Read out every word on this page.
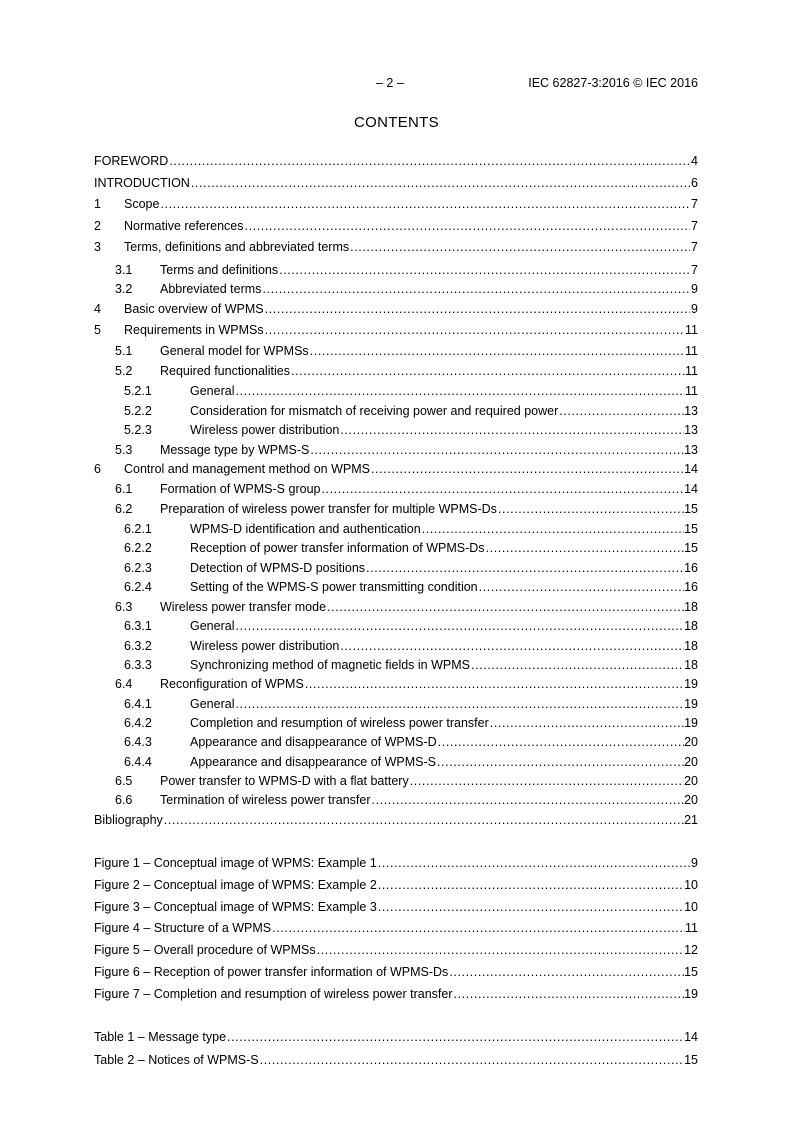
– 2 –	IEC 62827-3:2016 © IEC 2016
CONTENTS
FOREWORD .....	4
INTRODUCTION .....	6
1	Scope .....	7
2	Normative references .....	7
3	Terms, definitions and abbreviated terms .....	7
3.1	Terms and definitions .....	7
3.2	Abbreviated terms .....	9
4	Basic overview of WPMS .....	9
5	Requirements in WPMSs .....	11
5.1	General model for WPMSs .....	11
5.2	Required functionalities .....	11
5.2.1	General .....	11
5.2.2	Consideration for mismatch of receiving power and required power .....	13
5.2.3	Wireless power distribution .....	13
5.3	Message type by WPMS-S .....	13
6	Control and management method on WPMS .....	14
6.1	Formation of WPMS-S group .....	14
6.2	Preparation of wireless power transfer for multiple WPMS-Ds .....	15
6.2.1	WPMS-D identification and authentication .....	15
6.2.2	Reception of power transfer information of WPMS-Ds .....	15
6.2.3	Detection of WPMS-D positions .....	16
6.2.4	Setting of the WPMS-S power transmitting condition .....	16
6.3	Wireless power transfer mode .....	18
6.3.1	General .....	18
6.3.2	Wireless power distribution .....	18
6.3.3	Synchronizing method of magnetic fields in WPMS .....	18
6.4	Reconfiguration of WPMS .....	19
6.4.1	General .....	19
6.4.2	Completion and resumption of wireless power transfer .....	19
6.4.3	Appearance and disappearance of WPMS-D .....	20
6.4.4	Appearance and disappearance of WPMS-S .....	20
6.5	Power transfer to WPMS-D with a flat battery .....	20
6.6	Termination of wireless power transfer .....	20
Bibliography .....	21
Figure 1 – Conceptual image of WPMS: Example 1 .....	9
Figure 2 – Conceptual image of WPMS: Example 2 .....	10
Figure 3 – Conceptual image of WPMS: Example 3 .....	10
Figure 4 – Structure of a WPMS .....	11
Figure 5 – Overall procedure of WPMSs .....	12
Figure 6 – Reception of power transfer information of WPMS-Ds .....	15
Figure 7 – Completion and resumption of wireless power transfer .....	19
Table 1 – Message type .....	14
Table 2 – Notices of WPMS-S .....	15
